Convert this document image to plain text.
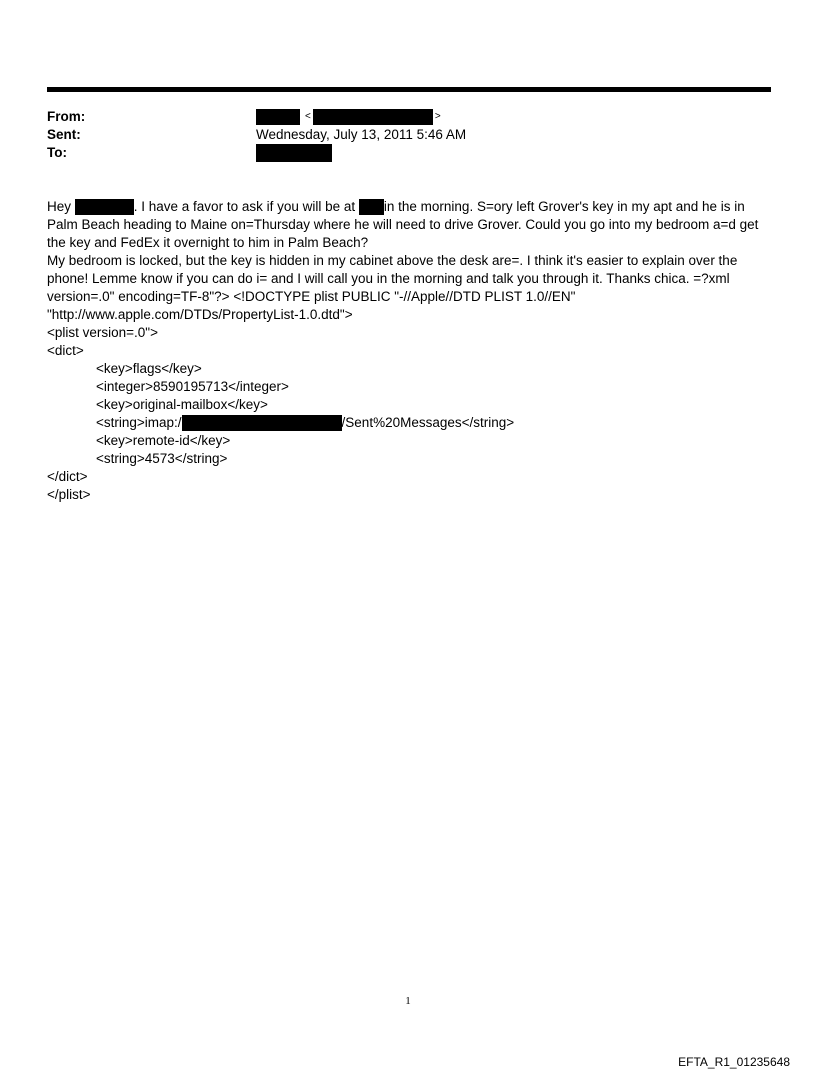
From:	<	>
Sent:	Wednesday, July 13, 2011 5:46 AM
To:
Hey	. I have a favor to ask if you will be at in the morning. S=ory left Grover's key in my apt and he is in
Palm Beach heading to Maine on=Thursday where he will need to drive Grover. Could you go into my bedroom a=d get
the key and FedEx it overnight to him in Palm Beach?
My bedroom is locked, but the key is hidden in my cabinet above the desk are=. I think it's easier to explain over the
phone! Lemme know if you can do i= and I will call you in the morning and talk you through it. Thanks chica. =?xml
version=.0" encoding=TF-8"?> <!DOCTYPE plist PUBLIC "-//Apple//DTD PLIST 1.0//EN"
"http://www.apple.com/DTDs/PropertyList-1.0.dtd">
<plist version=.0">
<dict>
<key>flags</key>
<integer>8590195713</integer>
<key>original-mailbox</key>
<string>imap:/	/Sent%20Messages</string>
<key>remote-id</key>
<string>4573</string>
</dict>
</plist>
1
EFTA_R1_01235648
